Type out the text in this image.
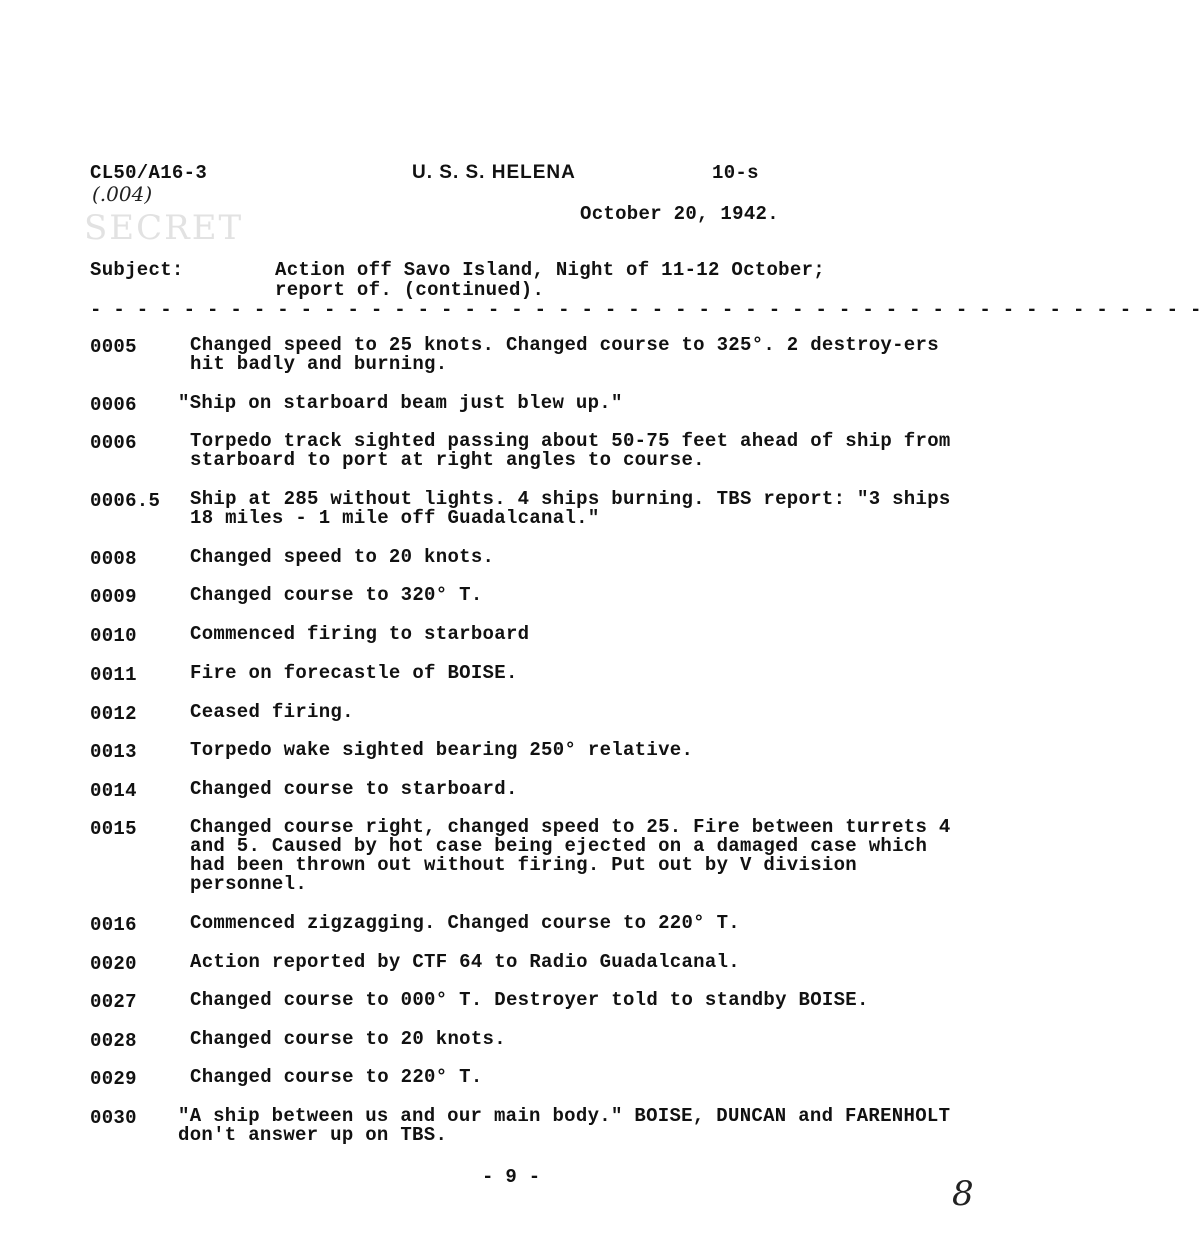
CL50/A16-3
(.004)
SECRET
U. S. S. HELENA	10-s
October 20, 1942.
Subject:	Action off Savo Island, Night of 11-12 October;
report of. (continued).
- - - - - - - - - - - - - - - - - - - - - - - - - - - - - - - - - - - - - - - - - - - - - - - -
0005	Changed speed to 25 knots. Changed course to 325°. 2 destroy-ers hit badly and burning.
0006	"Ship on starboard beam just blew up."
0006	Torpedo track sighted passing about 50-75 feet ahead of ship from starboard to port at right angles to course.
0006.5	Ship at 285 without lights. 4 ships burning. TBS report: "3 ships 18 miles - 1 mile off Guadalcanal."
0008	Changed speed to 20 knots.
0009	Changed course to 320° T.
0010	Commenced firing to starboard
0011	Fire on forecastle of BOISE.
0012	Ceased firing.
0013	Torpedo wake sighted bearing 250° relative.
0014	Changed course to starboard.
0015	Changed course right, changed speed to 25. Fire between turrets 4 and 5. Caused by hot case being ejected on a damaged case which had been thrown out without firing. Put out by V division personnel.
0016	Commenced zigzagging. Changed course to 220° T.
0020	Action reported by CTF 64 to Radio Guadalcanal.
0027	Changed course to 000° T. Destroyer told to standby BOISE.
0028	Changed course to 20 knots.
0029	Changed course to 220° T.
0030	"A ship between us and our main body." BOISE, DUNCAN and FARENHOLT don't answer up on TBS.
- 9 -	8
